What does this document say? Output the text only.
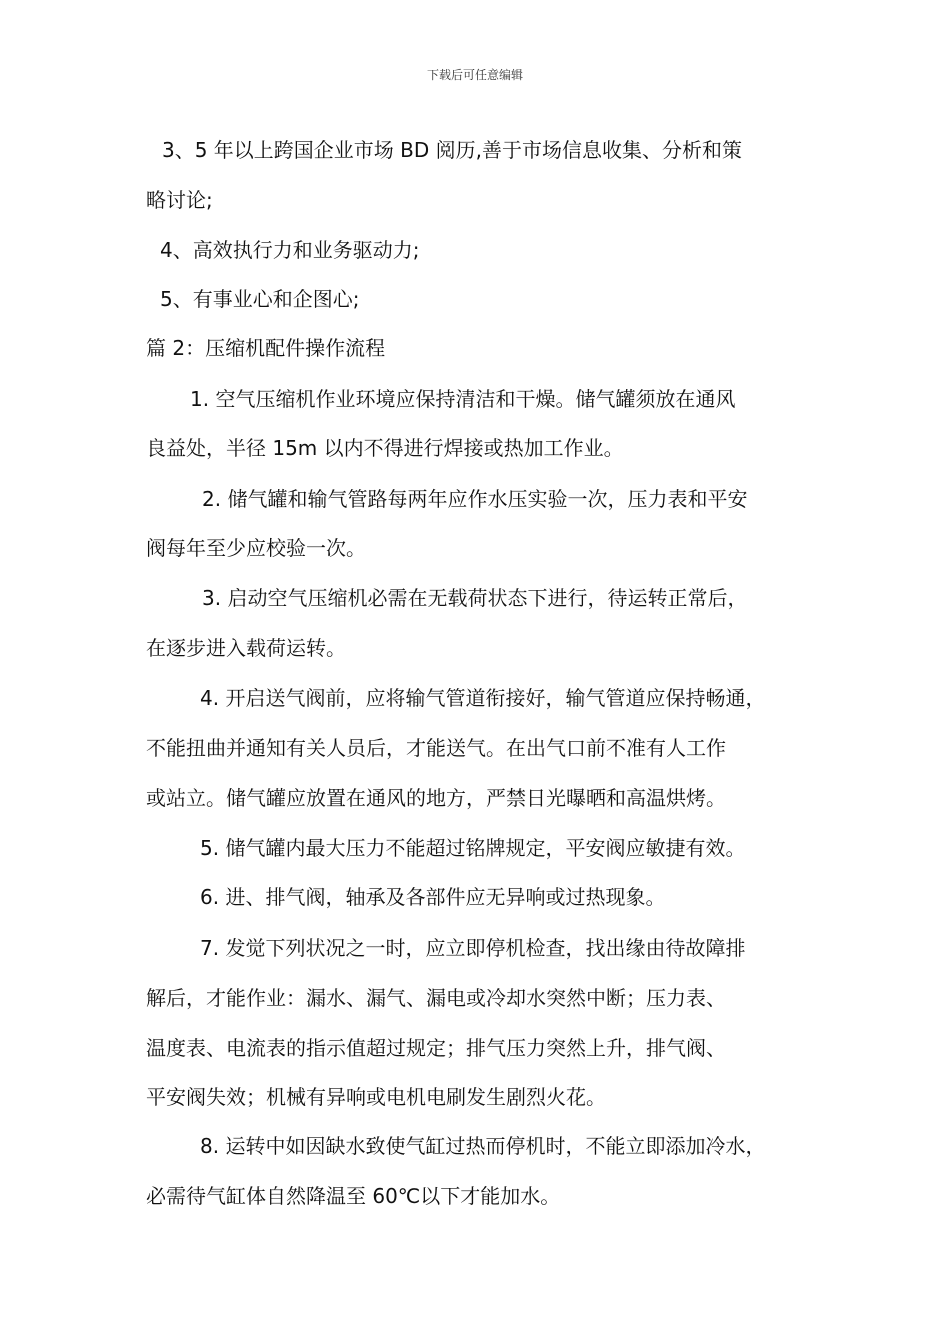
下载后可任意编辑
3、5 年以上跨国企业市场 BD 阅历,善于市场信息收集、分析和策
略讨论;
4、高效执行力和业务驱动力;
5、有事业心和企图心;
篇 2：压缩机配件操作流程
1. 空气压缩机作业环境应保持清洁和干燥。储气罐须放在通风
良益处，半径 15m 以内不得进行焊接或热加工作业。
2. 储气罐和输气管路每两年应作水压实验一次，压力表和平安
阀每年至少应校验一次。
3. 启动空气压缩机必需在无载荷状态下进行，待运转正常后，
在逐步进入载荷运转。
4. 开启送气阀前，应将输气管道衔接好，输气管道应保持畅通，
不能扭曲并通知有关人员后，才能送气。在出气口前不准有人工作
或站立。储气罐应放置在通风的地方，严禁日光曝晒和高温烘烤。
5. 储气罐内最大压力不能超过铭牌规定，平安阀应敏捷有效。
6. 进、排气阀，轴承及各部件应无异响或过热现象。
7. 发觉下列状况之一时，应立即停机检查，找出缘由待故障排
解后，才能作业：漏水、漏气、漏电或冷却水突然中断；压力表、
温度表、电流表的指示值超过规定；排气压力突然上升，排气阀、
平安阀失效；机械有异响或电机电刷发生剧烈火花。
8. 运转中如因缺水致使气缸过热而停机时，不能立即添加冷水，
必需待气缸体自然降温至 60℃以下才能加水。
